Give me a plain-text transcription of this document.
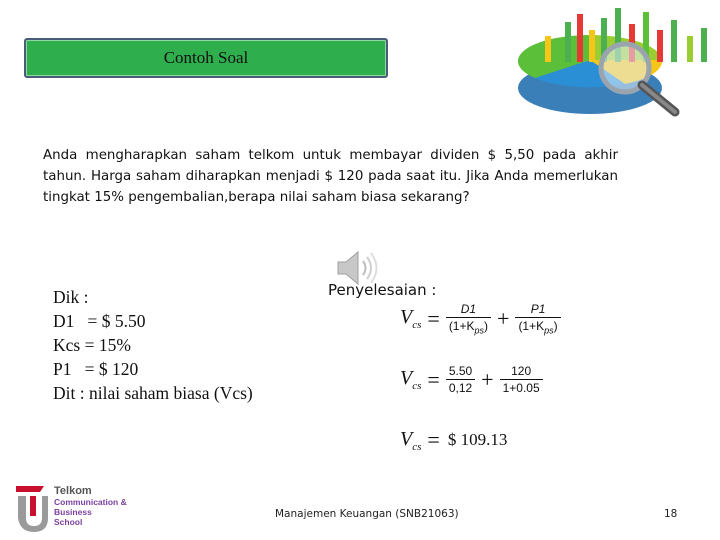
Contoh Soal
Anda mengharapkan saham telkom untuk membayar dividen $ 5,50 pada akhir tahun. Harga saham diharapkan menjadi $ 120 pada saat itu. Jika Anda memerlukan tingkat 15% pengembalian,berapa nilai saham biasa sekarang?
Dik :
D1   = $ 5.50
Kcs = 15%
P1   = $ 120
Dit : nilai saham biasa (Vcs)
Penyelesaian :
$V_{cs} = \frac{D1}{(1+K_{ps})} + \frac{P1}{(1+K_{ps})}$
$V_{cs} = \frac{5.50}{0,12} + \frac{120}{1+0.05}$
$V_{cs}$ = $ 109.13
Telkom
Communication &
Business
School
Manajemen Keuangan (SNB21063)	18
